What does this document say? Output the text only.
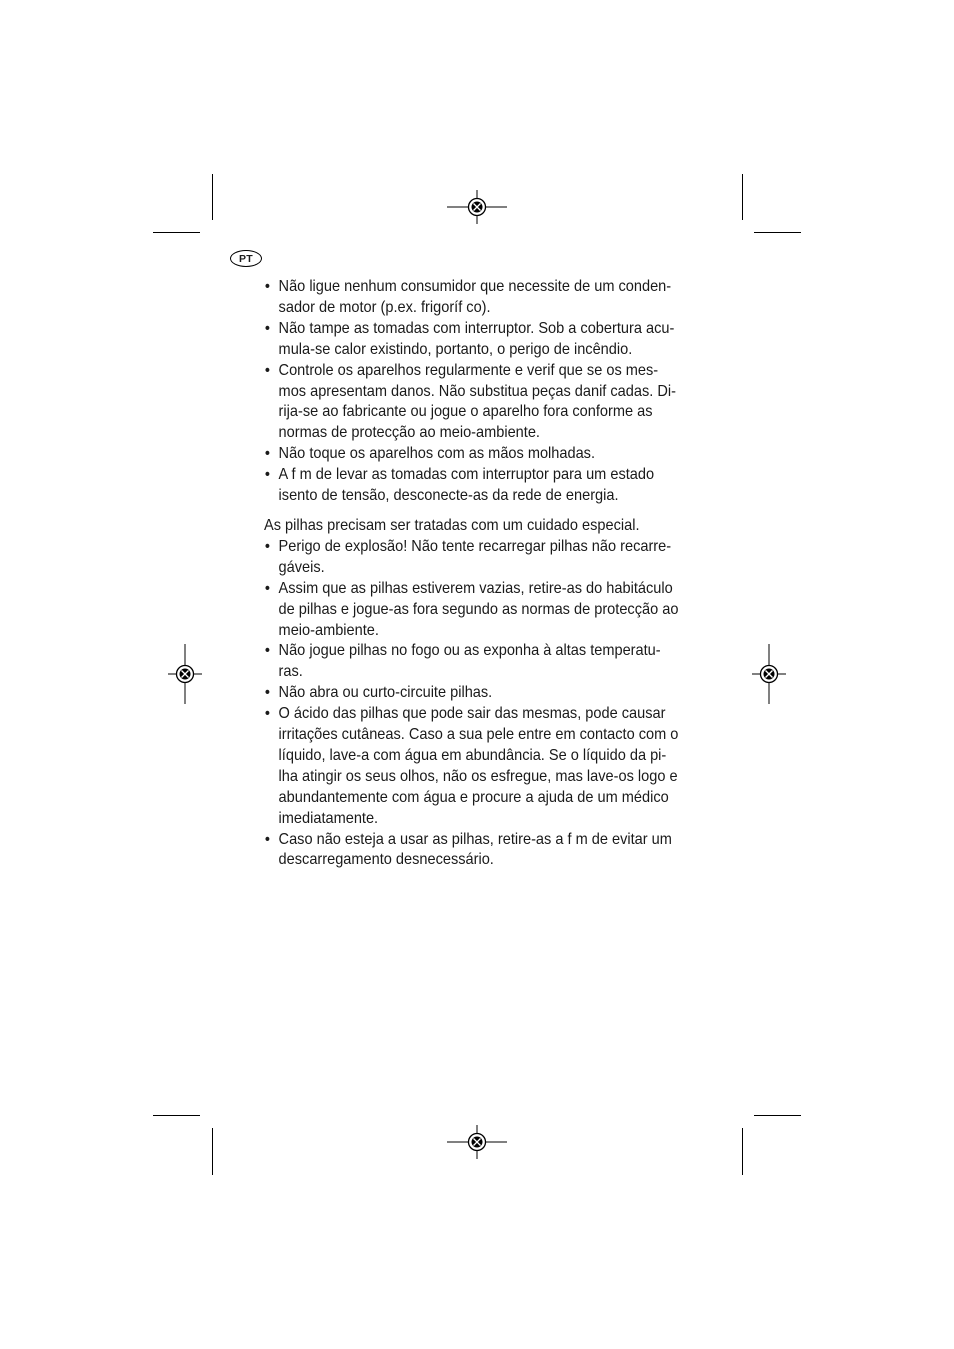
PT
• Não ligue nenhum consumidor que necessite de um conden-
sador de motor (p.ex. frigoríf co).
• Não tampe as tomadas com interruptor. Sob a cobertura acu-
mula-se calor existindo, portanto, o perigo de incêndio.
• Controle os aparelhos regularmente e verif que se os mes-
mos apresentam danos. Não substitua peças danif cadas. Di-
rija-se ao fabricante ou jogue o aparelho fora conforme as
normas de protecção ao meio-ambiente.
• Não toque os aparelhos com as mãos molhadas.
• A f m de levar as tomadas com interruptor para um estado
isento de tensão, desconecte-as da rede de energia.
As pilhas precisam ser tratadas com um cuidado especial.
• Perigo de explosão! Não tente recarregar pilhas não recarre-
gáveis.
• Assim que as pilhas estiverem vazias, retire-as do habitáculo
de pilhas e jogue-as fora segundo as normas de protecção ao
meio-ambiente.
• Não jogue pilhas no fogo ou as exponha à altas temperatu-
ras.
• Não abra ou curto-circuite pilhas.
• O ácido das pilhas que pode sair das mesmas, pode causar
irritações cutâneas. Caso a sua pele entre em contacto com o
líquido, lave-a com água em abundância. Se o líquido da pi-
lha atingir os seus olhos, não os esfregue, mas lave-os logo e
abundantemente com água e procure a ajuda de um médico
imediatamente.
• Caso não esteja a usar as pilhas, retire-as a f m de evitar um
descarregamento desnecessário.
